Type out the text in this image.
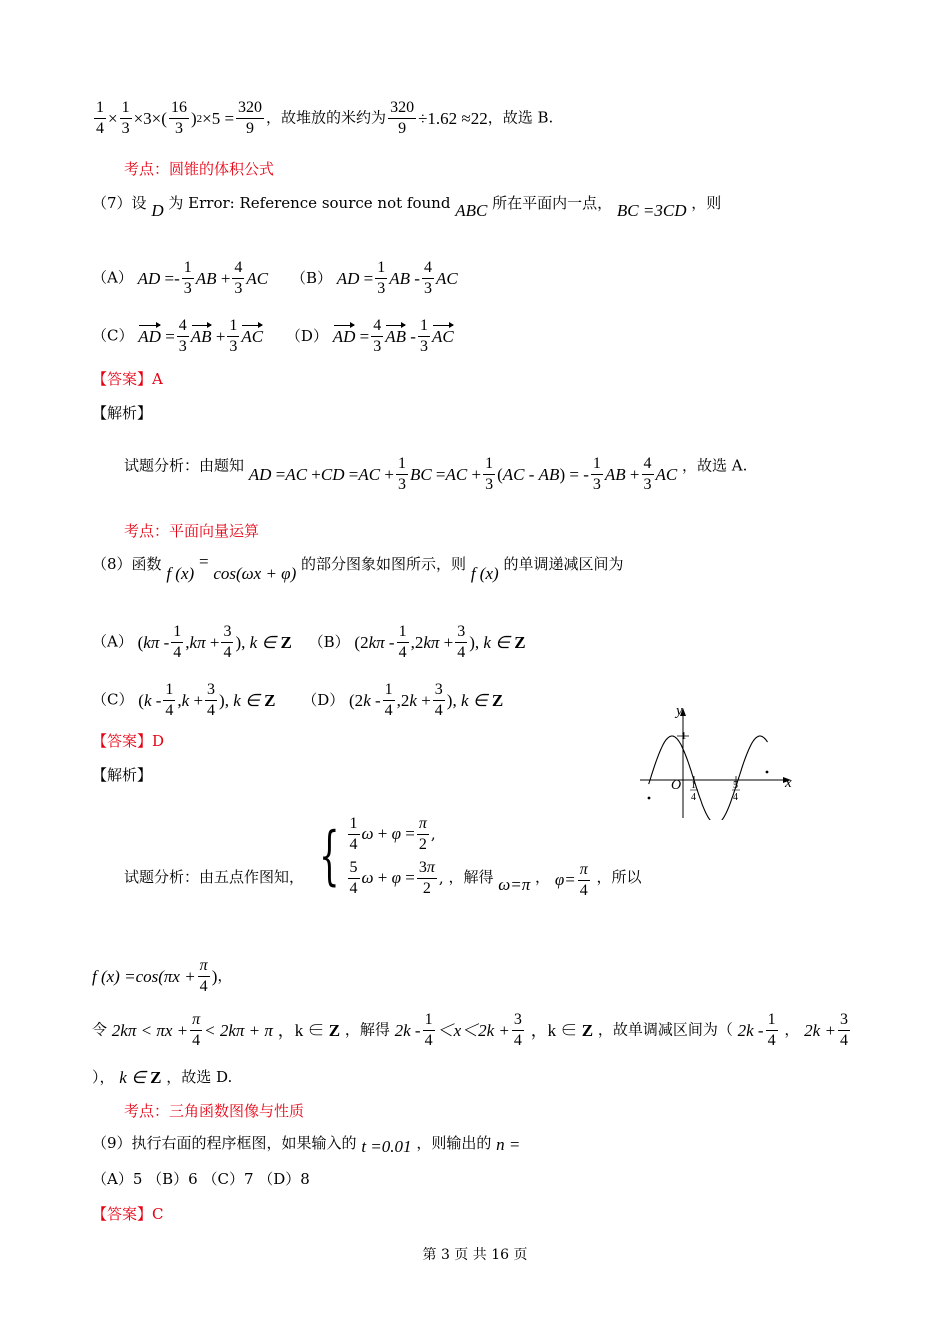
$\frac{1}{4} \times \frac{1}{3} \times 3\times( \frac{16}{3}$ ) $2 \times 5 = \frac{320}{9}$ ，故堆放的米约为 $\frac{320}{9} \div 1.62 \approx 22$ ，故选 B.
考点：圆锥的体积公式
（7）设 D 为 Error: Reference source not found ABC 所在平面内一点， BC =3CD ，则
（A） AD =- $\frac{1}{3}$ AB + $\frac{4}{3}$ AC （B） AD = $\frac{1}{3}$ AB - $\frac{4}{3}$ AC
（C） AD = $\frac{4}{3}$ AB + $\frac{1}{3}$ AC （D） AD = $\frac{4}{3}$ AB - $\frac{1}{3}$ AC
【答案】A
【解析】
试题分析：由题知 AD = AC + CD = AC + $\frac{1}{3}$ BC = AC + $\frac{1}{3}$ ( AC - AB ) = - $\frac{1}{3}$ AB + $\frac{4}{3}$ AC ，故选 A.
考点：平面向量运算
（8）函数 f (x) = cos(ωx + φ) 的部分图象如图所示，则 f (x) 的单调递减区间为
（A） ( kπ - $\frac{1}{4}$ , $k\pi + \frac{3}{4}$ ), k ∈
Z （B） (2 kπ - $\frac{1}{4} ,2$ $k\pi + \frac{3}{4}$ ), k ∈
Z
（C） ( k - $\frac{1}{4}$ , $k + \frac{3}{4}$ ), k ∈
Z （D） (2 k - $\frac{1}{4} ,2$ $k + \frac{3}{4}$ ), k ∈
Z
【答案】D
【解析】
y
x
O
1
1
4
5
4
试题分析：由五点作图知， { $\frac{1}{4}$ $\omega + \varphi = \frac{\pi}{2}$ ,
$\frac{5}{4}$ $\omega + \varphi = \frac{3\pi}{2}$ , ，解得 ω=π ， $\varphi= \frac{\pi}{4}$ ，所以
f $(x) =\cos(\pi x + \frac{\pi}{4}$ ) ，
令 $2k\pi < \pi x + \frac{\pi}{4} < 2k\pi + \pi$
，k ∈
Z ，解得 $2k - \frac{1}{4} <x<2k + \frac{3}{4}$
，k ∈
Z ，故单调减区间为（ $2k - \frac{1}{4}$ ， $2k + \frac{3}{4}$
）， k ∈
Z ，故选 D.
考点：三角函数图像与性质
（9）执行右面的程序框图，如果输入的 t =0.01 ，则输出的 n =
（A）5 （B）6 （C）7 （D）8
【答案】C
第 3 页 共 16 页
